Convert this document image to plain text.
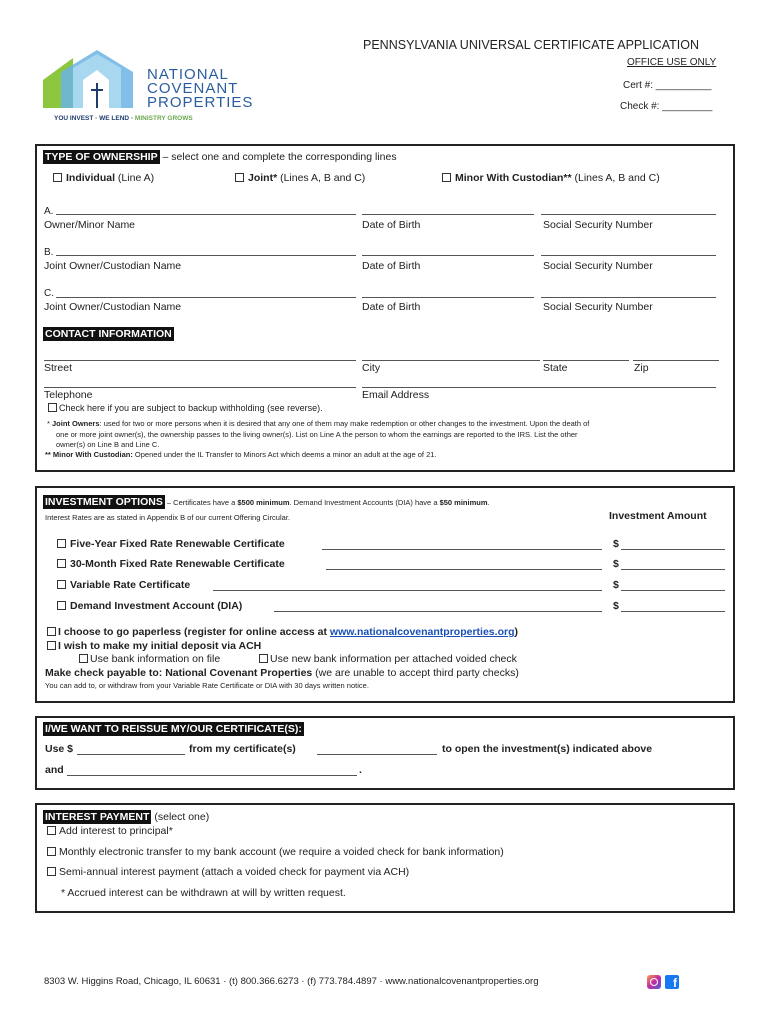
NATIONAL
COVENANT
PROPERTIES
YOU INVEST · WE LEND · MINISTRY GROWS
PENNSYLVANIA UNIVERSAL CERTIFICATE APPLICATION
OFFICE USE ONLY
Cert #: __________
Check #: _________
TYPE OF OWNERSHIP – select one and complete the corresponding lines
Individual (Line A)	Joint* (Lines A, B and C)	Minor With Custodian** (Lines A, B and C)
A.
Owner/Minor Name	Date of Birth	Social Security Number
B.
Joint Owner/Custodian Name	Date of Birth	Social Security Number
C.
Joint Owner/Custodian Name	Date of Birth	Social Security Number
CONTACT INFORMATION
Street	City	State	Zip
Telephone	Email Address
Check here if you are subject to backup withholding (see reverse).
* Joint Owners: used for two or more persons when it is desired that any one of them may make redemption or other changes to the investment. Upon the death of
one or more joint owner(s), the ownership passes to the living owner(s). List on Line A the person to whom the earnings are reported to the IRS. List the other
owner(s) on Line B and Line C.
** Minor With Custodian: Opened under the IL Transfer to Minors Act which deems a minor an adult at the age of 21.
INVESTMENT OPTIONS – Certificates have a $500 minimum. Demand Investment Accounts (DIA) have a $50 minimum.
Interest Rates are as stated in Appendix B of our current Offering Circular.	Investment Amount
Five-Year Fixed Rate Renewable Certificate	$
30-Month Fixed Rate Renewable Certificate	$
Variable Rate Certificate	$
Demand Investment Account (DIA)	$
I choose to go paperless (register for online access at www.nationalcovenantproperties.org)
I wish to make my initial deposit via ACH
Use bank information on file	Use new bank information per attached voided check
Make check payable to: National Covenant Properties (we are unable to accept third party checks)
You can add to, or withdraw from your Variable Rate Certificate or DIA with 30 days written notice.
I/WE WANT TO REISSUE MY/OUR CERTIFICATE(S):
Use $	from my certificate(s)	to open the investment(s) indicated above
and	.
INTEREST PAYMENT (select one)
Add interest to principal*
Monthly electronic transfer to my bank account (we require a voided check for bank information)
Semi-annual interest payment (attach a voided check for payment via ACH)
* Accrued interest can be withdrawn at will by written request.
8303 W. Higgins Road, Chicago, IL 60631 · (t) 800.366.6273 · (f) 773.784.4897 · www.nationalcovenantproperties.org	f
